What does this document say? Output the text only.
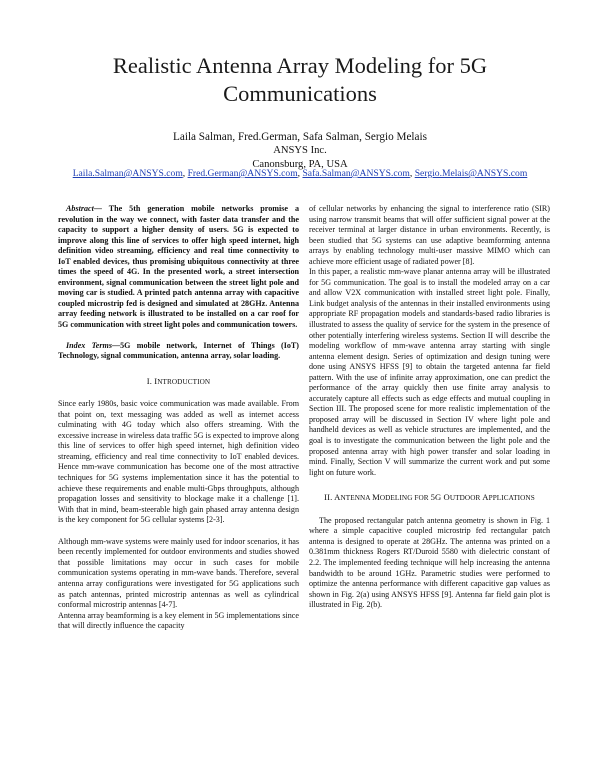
Realistic Antenna Array Modeling for 5G Communications
Laila Salman, Fred.German, Safa Salman, Sergio Melais
ANSYS Inc.
Canonsburg, PA, USA
Laila.Salman@ANSYS.com, Fred.German@ANSYS.com, Safa.Salman@ANSYS.com, Sergio.Melais@ANSYS.com

Abstract— The 5th generation mobile networks promise a revolution in the way we connect, with faster data transfer and the capacity to support a higher density of users. 5G is expected to improve along this line of services to offer high speed internet, high definition video streaming, efficiency and real time connectivity to IoT enabled devices, thus promising ubiquitous connectivity at three times the speed of 4G. In the presented work, a street intersection environment, signal communication between the street light pole and moving car is studied. A printed patch antenna array with capacitive coupled microstrip fed is designed and simulated at 28GHz. Antenna array feeding network is illustrated to be installed on a car roof for 5G communication with street light poles and communication towers.

Index Terms—5G mobile network, Internet of Things (IoT) Technology, signal communication, antenna array, solar loading.

I. INTRODUCTION

Since early 1980s, basic voice communication was made available. From that point on, text messaging was added as well as internet access culminating with 4G today which also offers streaming. With the excessive increase in wireless data traffic 5G is expected to improve along this line of services to offer high speed internet, high definition video streaming, efficiency and real time connectivity to IoT enabled devices. Hence mm-wave communication has become one of the most attractive techniques for 5G systems implementation since it has the potential to achieve these requirements and enable multi-Gbps throughputs, although propagation losses and sensitivity to blockage make it a challenge [1]. With that in mind, beam-steerable high gain phased array antenna design is the key component for 5G cellular systems [2-3].

Although mm-wave systems were mainly used for indoor scenarios, it has been recently implemented for outdoor environments and studies showed that possible limitations may occur in such cases for mobile communication systems operating in mm-wave bands. Therefore, several antenna array configurations were investigated for 5G applications such as patch antennas, printed microstrip antennas as well as cylindrical conformal microstrip antennas [4-7].

Antenna array beamforming is a key element in 5G implementations since that will directly influence the capacity

of cellular networks by enhancing the signal to interference ratio (SIR) using narrow transmit beams that will offer sufficient signal power at the receiver terminal at larger distance in urban environments. Recently, is been studied that 5G systems can use adaptive beamforming antenna arrays by enabling technology multi-user massive MIMO which can achieve more efficient usage of radiated power [8].

In this paper, a realistic mm-wave planar antenna array will be illustrated for 5G communication. The goal is to install the modeled array on a car and allow V2X communication with installed street light pole. Finally, Link budget analysis of the antennas in their installed environments using appropriate RF propagation models and standards-based radio libraries is illustrated to assess the quality of service for the system in the presence of other potentially interfering wireless systems. Section II will describe the modeling workflow of mm-wave antenna array starting with single antenna element design. Series of optimization and design tuning were done using ANSYS HFSS [9] to obtain the targeted antenna far field pattern. With the use of infinite array approximation, one can predict the performance of the array quickly then use finite array analysis to accurately capture all effects such as edge effects and mutual coupling in Section III. The proposed scene for more realistic implementation of the proposed array will be discussed in Section IV where light pole and handheld devices as well as vehicle structures are implemented, and the goal is to investigate the communication between the light pole and the proposed antenna array with high power transfer and solar loading in mind. Finally, Section V will summarize the current work and put some light on future work.

II. ANTENNA MODELING FOR 5G OUTDOOR APPLICATIONS

The proposed rectangular patch antenna geometry is shown in Fig. 1 where a simple capacitive coupled microstrip fed rectangular patch antenna is designed to operate at 28GHz. The antenna was printed on a 0.381mm thickness Rogers RT/Duroid 5580 with dielectric constant of 2.2. The implemented feeding technique will help increasing the antenna bandwidth to be around 1GHz. Parametric studies were performed to optimize the antenna performance with different capacitive gap values as shown in Fig. 2(a) using ANSYS HFSS [9]. Antenna far field gain plot is illustrated in Fig. 2(b).
